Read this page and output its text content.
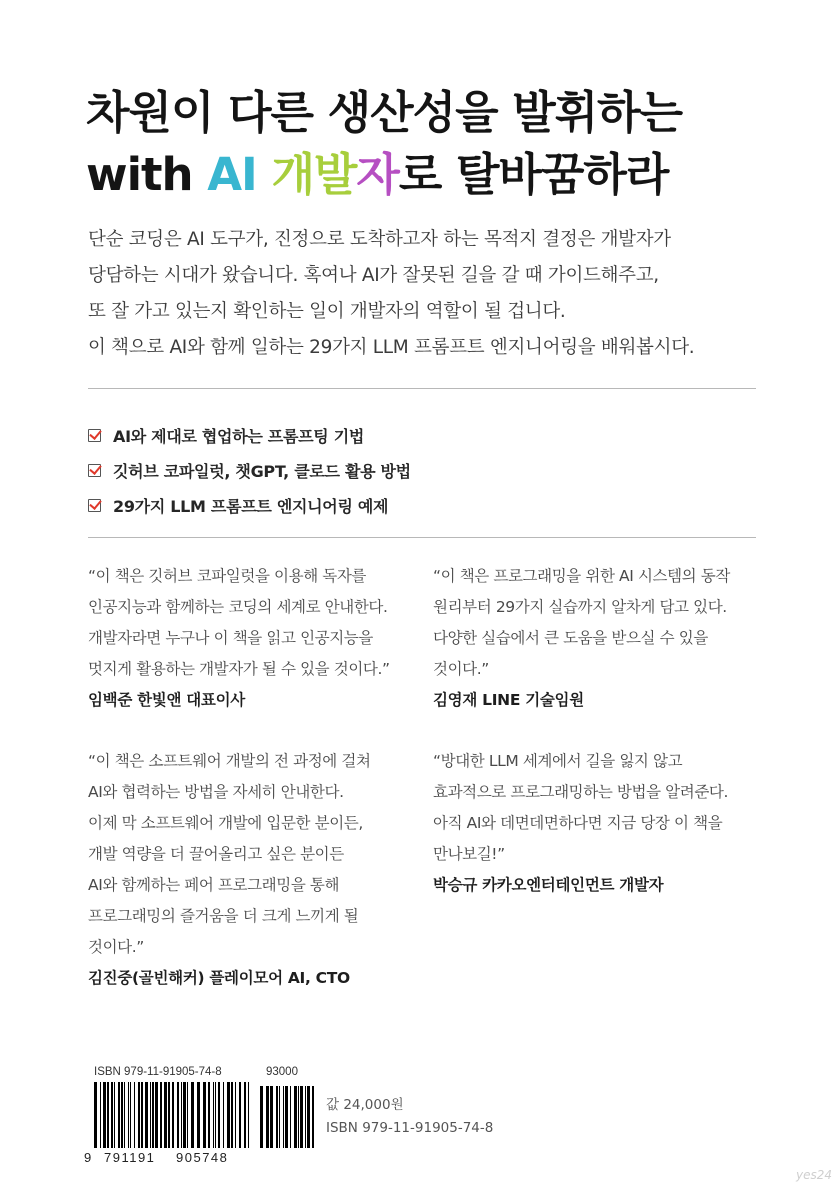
차원이 다른 생산성을 발휘하는
with AI 개발자로 탈바꿈하라
단순 코딩은 AI 도구가, 진정으로 도착하고자 하는 목적지 결정은 개발자가
당담하는 시대가 왔습니다. 혹여나 AI가 잘못된 길을 갈 때 가이드해주고,
또 잘 가고 있는지 확인하는 일이 개발자의 역할이 될 겁니다.
이 책으로 AI와 함께 일하는 29가지 LLM 프롬프트 엔지니어링을 배워봅시다.
AI와 제대로 협업하는 프롬프팅 기법
깃허브 코파일럿, 챗GPT, 클로드 활용 방법
29가지 LLM 프롬프트 엔지니어링 예제
“이 책은 깃허브 코파일럿을 이용해 독자를
인공지능과 함께하는 코딩의 세계로 안내한다.
개발자라면 누구나 이 책을 읽고 인공지능을
멋지게 활용하는 개발자가 될 수 있을 것이다.”
임백준 한빛앤 대표이사
“이 책은 프로그래밍을 위한 AI 시스템의 동작
원리부터 29가지 실습까지 알차게 담고 있다.
다양한 실습에서 큰 도움을 받으실 수 있을
것이다.”
김영재 LINE 기술임원
“이 책은 소프트웨어 개발의 전 과정에 걸쳐
AI와 협력하는 방법을 자세히 안내한다.
이제 막 소프트웨어 개발에 입문한 분이든,
개발 역량을 더 끌어올리고 싶은 분이든
AI와 함께하는 페어 프로그래밍을 통해
프로그래밍의 즐거움을 더 크게 느끼게 될
것이다.”
김진중(골빈해커) 플레이모어 AI, CTO
“방대한 LLM 세계에서 길을 잃지 않고
효과적으로 프로그래밍하는 방법을 알려준다.
아직 AI와 데면데면하다면 지금 당장 이 책을
만나보길!”
박승규 카카오엔터테인먼트 개발자
ISBN 979-11-91905-74-8	93000
9 791191 905748
값 24,000원
ISBN 979-11-91905-74-8
yes24
